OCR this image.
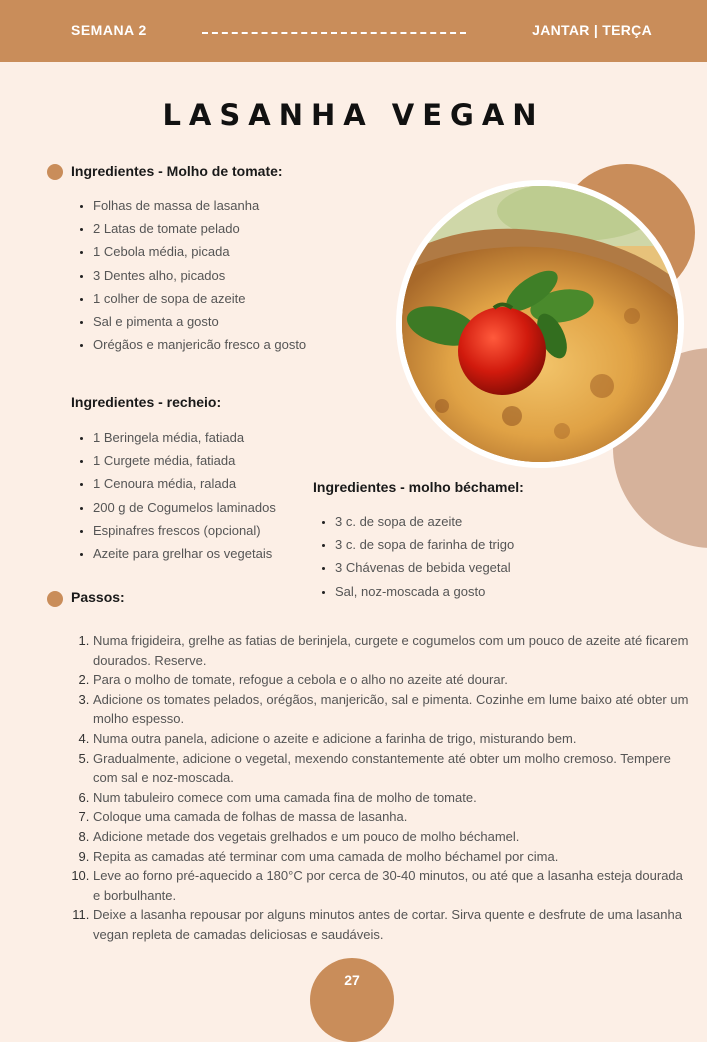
SEMANA 2	JANTAR | TERÇA
LASANHA VEGAN
Ingredientes - Molho de tomate:
• Folhas de massa de lasanha
• 2 Latas de tomate pelado
• 1 Cebola média, picada
• 3 Dentes alho, picados
• 1 colher de sopa de azeite
• Sal e pimenta a gosto
• Orégãos e manjericão fresco a gosto
Ingredientes - recheio:
• 1 Beringela média, fatiada
• 1 Curgete média, fatiada
• 1 Cenoura média, ralada
• 200 g de Cogumelos laminados
• Espinafres frescos (opcional)
• Azeite para grelhar os vegetais
Ingredientes - molho béchamel:
• 3 c. de sopa de azeite
• 3 c. de sopa de farinha de trigo
• 3 Chávenas de bebida vegetal
• Sal, noz-moscada a gosto
Passos:
1. Numa frigideira, grelhe as fatias de berinjela, curgete e cogumelos com um pouco de azeite até ficarem dourados. Reserve.
2. Para o molho de tomate, refogue a cebola e o alho no azeite até dourar.
3. Adicione os tomates pelados, orégãos, manjericão, sal e pimenta. Cozinhe em lume baixo até obter um molho espesso.
4. Numa outra panela, adicione o azeite e adicione a farinha de trigo, misturando bem.
5. Gradualmente, adicione o vegetal, mexendo constantemente até obter um molho cremoso. Tempere com sal e noz-moscada.
6. Num tabuleiro comece com uma camada fina de molho de tomate.
7. Coloque uma camada de folhas de massa de lasanha.
8. Adicione metade dos vegetais grelhados e um pouco de molho béchamel.
9. Repita as camadas até terminar com uma camada de molho béchamel por cima.
10. Leve ao forno pré-aquecido a 180°C por cerca de 30-40 minutos, ou até que a lasanha esteja dourada e borbulhante.
11. Deixe a lasanha repousar por alguns minutos antes de cortar. Sirva quente e desfrute de uma lasanha vegan repleta de camadas deliciosas e saudáveis.
27
